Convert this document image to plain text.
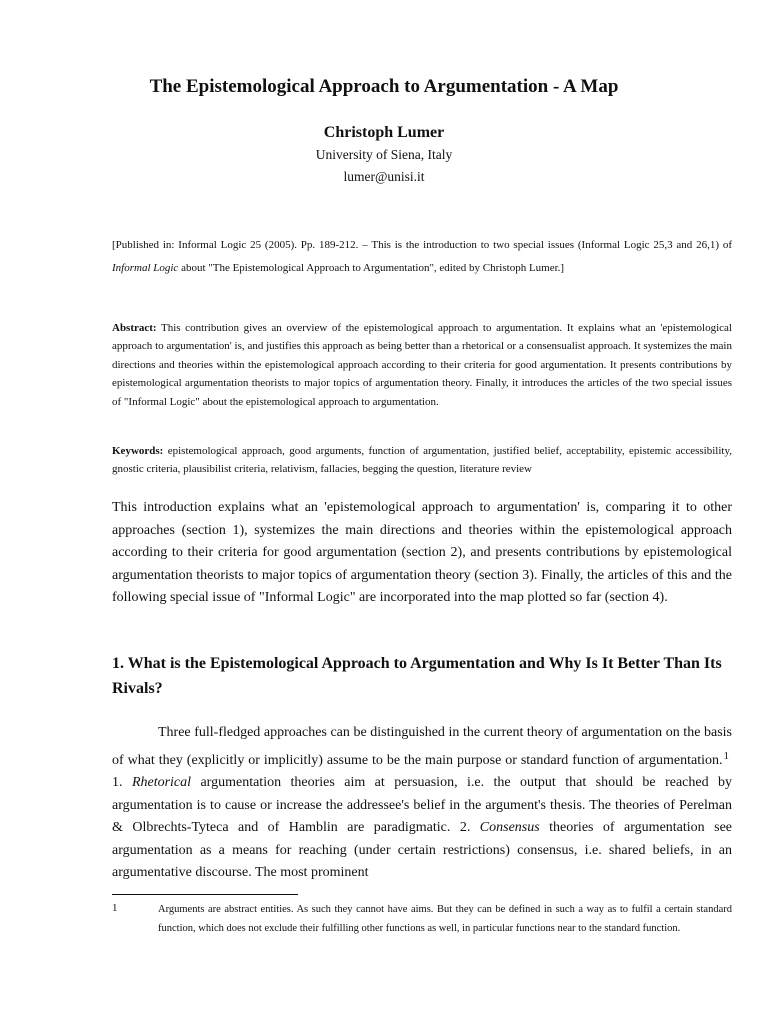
The Epistemological Approach to Argumentation - A Map
Christoph Lumer
University of Siena, Italy
lumer@unisi.it
[Published in: Informal Logic 25 (2005). Pp. 189-212. – This is the introduction to two special issues (Informal Logic 25,3 and 26,1) of Informal Logic about "The Epistemological Approach to Argumentation", edited by Christoph Lumer.]
Abstract: This contribution gives an overview of the epistemological approach to argumentation. It explains what an 'epistemological approach to argumentation' is, and justifies this approach as being better than a rhetorical or a consensualist approach. It systemizes the main directions and theories within the epistemological approach according to their criteria for good argumentation. It presents contributions by epistemological argumentation theorists to major topics of argumentation theory. Finally, it introduces the articles of the two special issues of "Informal Logic" about the epistemological approach to argumentation.
Keywords: epistemological approach, good arguments, function of argumentation, justified belief, acceptability, epistemic accessibility, gnostic criteria, plausibilist criteria, relativism, fallacies, begging the question, literature review
This introduction explains what an 'epistemological approach to argumentation' is, comparing it to other approaches (section 1), systemizes the main directions and theories within the epistemological approach according to their criteria for good argumentation (section 2), and presents contributions by epistemological argumentation theorists to major topics of argumentation theory (section 3). Finally, the articles of this and the following special issue of "Informal Logic" are incorporated into the map plotted so far (section 4).
1. What is the Epistemological Approach to Argumentation and Why Is It Better Than Its Rivals?
Three full-fledged approaches can be distinguished in the current theory of argumentation on the basis of what they (explicitly or implicitly) assume to be the main purpose or standard function of argumentation.$^1$ 1. Rhetorical argumentation theories aim at persuasion, i.e. the output that should be reached by argumentation is to cause or increase the addressee's belief in the argument's thesis. The theories of Perelman & Olbrechts-Tyteca and of Hamblin are paradigmatic. 2. Consensus theories of argumentation see argumentation as a means for reaching (under certain restrictions) consensus, i.e. shared beliefs, in an argumentative discourse. The most prominent
1	Arguments are abstract entities. As such they cannot have aims. But they can be defined in such a way as to fulfil a certain standard function, which does not exclude their fulfilling other functions as well, in particular functions near to the standard function.
